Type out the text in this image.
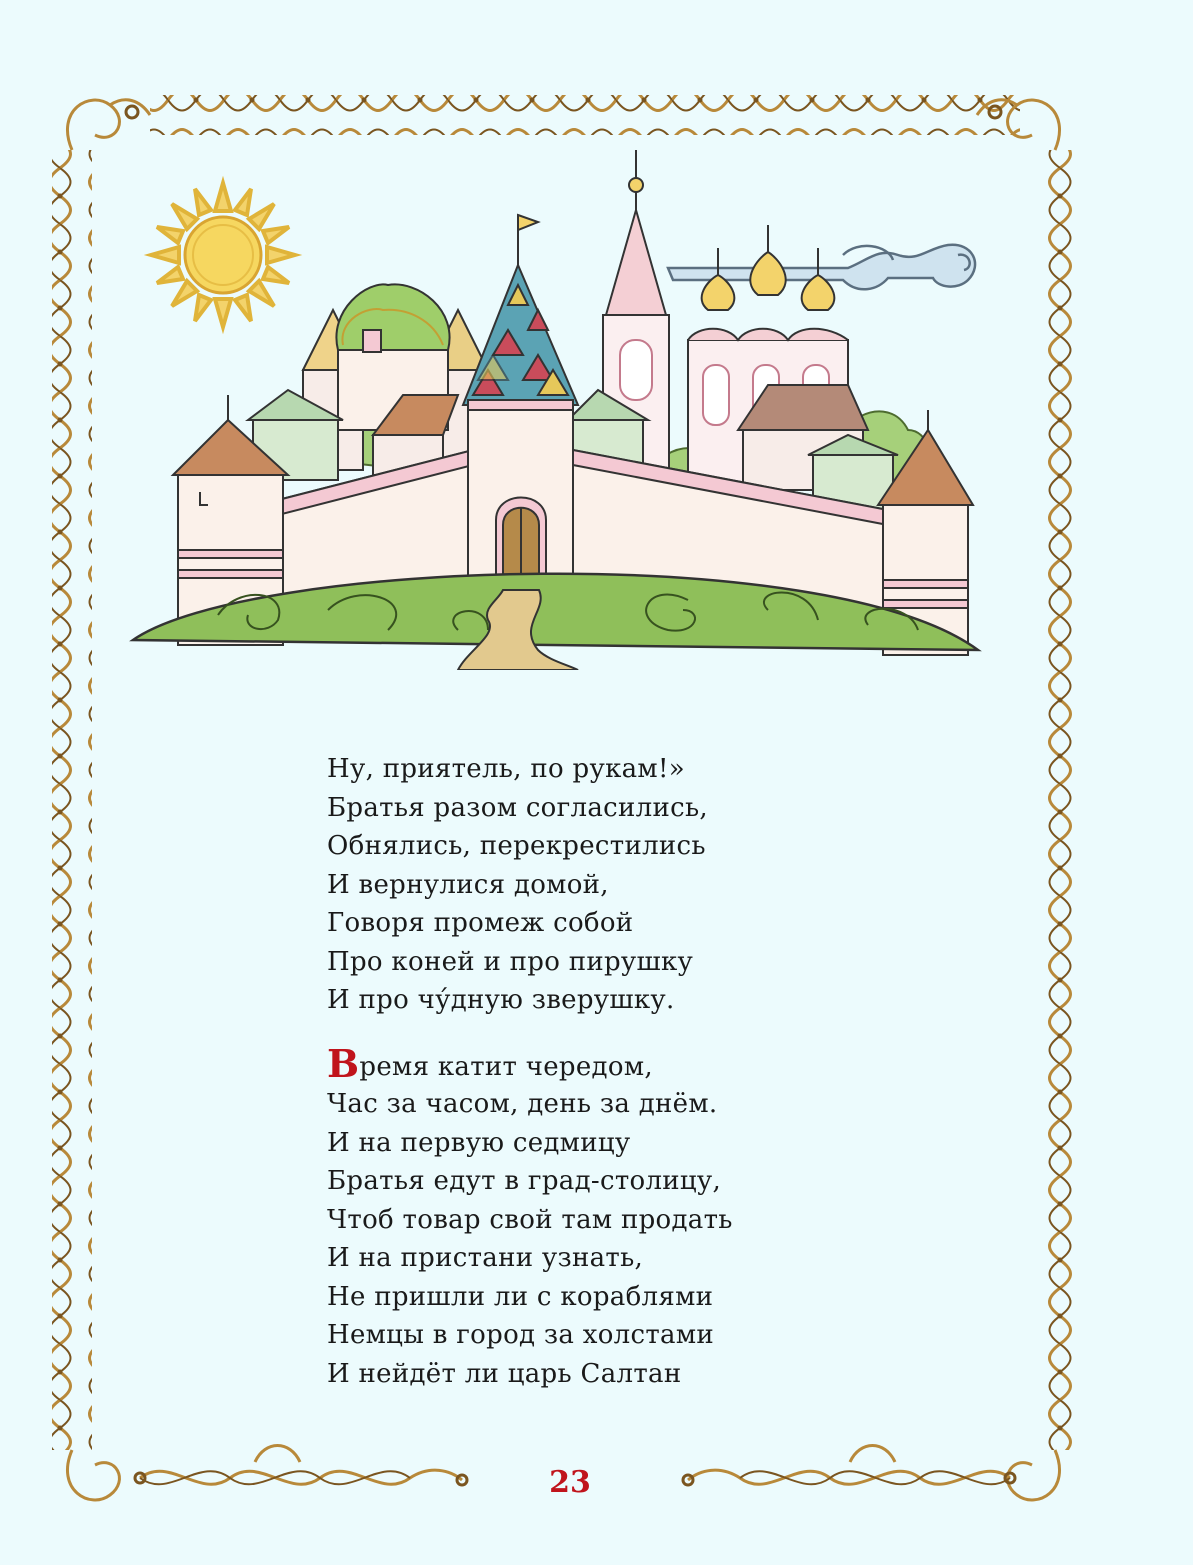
Ну, приятель, по рукам!»
Братья разом согласились,
Обнялись, перекрестились
И вернулися домой,
Говоря промеж собой
Про коней и про пирушку
И про чу́дную зверушку.
Время катит чередом,
Час за часом, день за днём.
И на первую седмицу
Братья едут в град-столицу,
Чтоб товар свой там продать
И на пристани узнать,
Не пришли ли с кораблями
Немцы в город за холстами
И нейдёт ли царь Салтан
23
